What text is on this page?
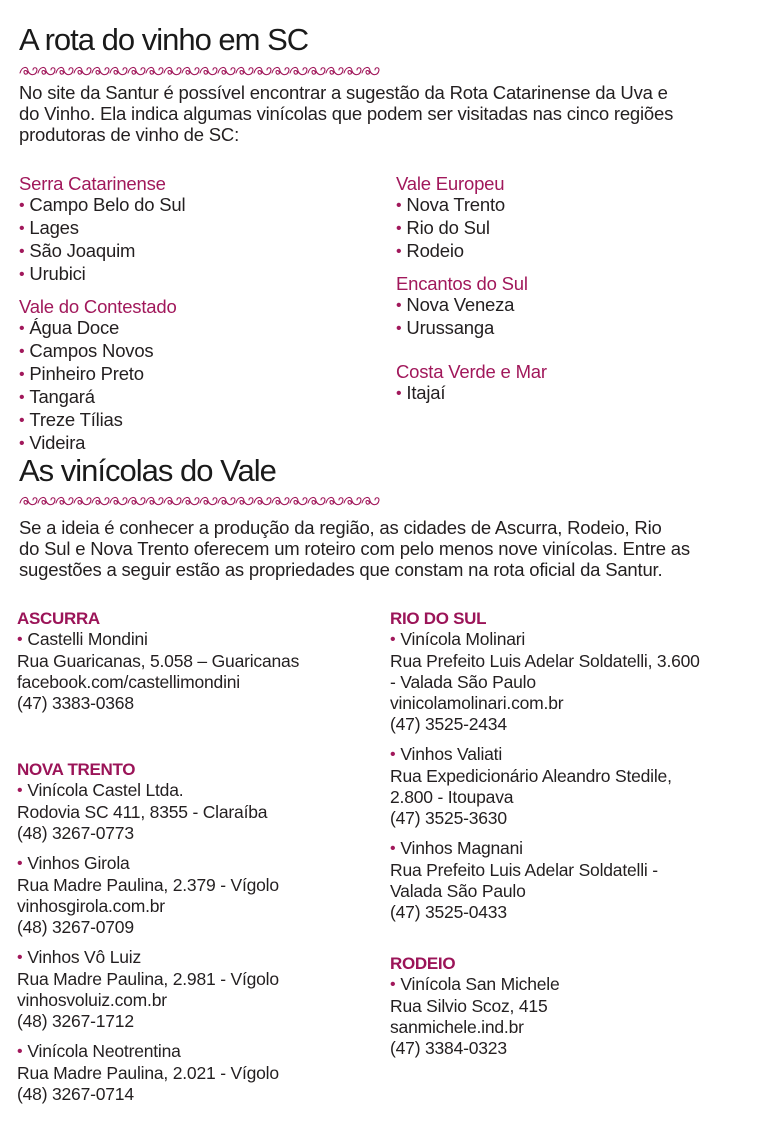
A rota do vinho em SC
No site da Santur é possível encontrar a sugestão da Rota Catarinense da Uva e
do Vinho. Ela indica algumas vinícolas que podem ser visitadas nas cinco regiões
produtoras de vinho de SC:
Serra Catarinense
• Campo Belo do Sul
• Lages
• São Joaquim
• Urubici
Vale do Contestado
• Água Doce
• Campos Novos
• Pinheiro Preto
• Tangará
• Treze Tílias
• Videira
Vale Europeu
• Nova Trento
• Rio do Sul
• Rodeio
Encantos do Sul
• Nova Veneza
• Urussanga
Costa Verde e Mar
• Itajaí
As vinícolas do Vale
Se a ideia é conhecer a produção da região, as cidades de Ascurra, Rodeio, Rio
do Sul e Nova Trento oferecem um roteiro com pelo menos nove vinícolas. Entre as
sugestões a seguir estão as propriedades que constam na rota oficial da Santur.
ASCURRA
• Castelli Mondini
Rua Guaricanas, 5.058 – Guaricanas
facebook.com/castellimondini
(47) 3383-0368
NOVA TRENTO
• Vinícola Castel Ltda.
Rodovia SC 411, 8355 - Claraíba
(48) 3267-0773
• Vinhos Girola
Rua Madre Paulina, 2.379 - Vígolo
vinhosgirola.com.br
(48) 3267-0709
• Vinhos Vô Luiz
Rua Madre Paulina, 2.981 - Vígolo
vinhosvoluiz.com.br
(48) 3267-1712
• Vinícola Neotrentina
Rua Madre Paulina, 2.021 - Vígolo
(48) 3267-0714
RIO DO SUL
• Vinícola Molinari
Rua Prefeito Luis Adelar Soldatelli, 3.600
- Valada São Paulo
vinicolamolinari.com.br
(47) 3525-2434
• Vinhos Valiati
Rua Expedicionário Aleandro Stedile,
2.800 - Itoupava
(47) 3525-3630
• Vinhos Magnani
Rua Prefeito Luis Adelar Soldatelli -
Valada São Paulo
(47) 3525-0433
RODEIO
• Vinícola San Michele
Rua Silvio Scoz, 415
sanmichele.ind.br
(47) 3384-0323
